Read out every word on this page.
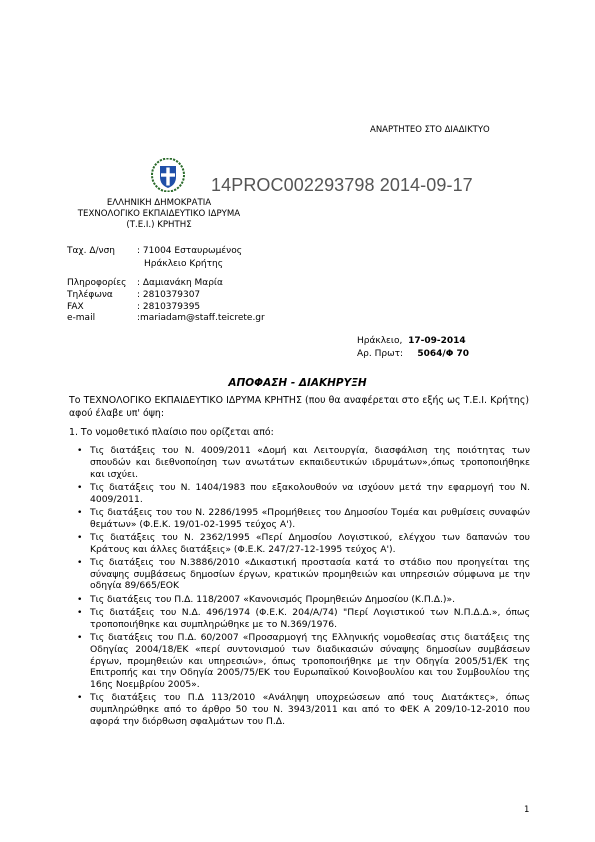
ΑΝΑΡΤΗΤΕΟ ΣΤΟ ΔΙΑΔΙΚΤΥΟ
14PROC002293798 2014-09-17
ΕΛΛΗΝΙΚΗ ΔΗΜΟΚΡΑΤΙΑ
ΤΕΧΝΟΛΟΓΙΚΟ ΕΚΠΑΙΔΕΥΤΙΚΟ ΙΔΡΥΜΑ
(Τ.Ε.Ι.) ΚΡΗΤΗΣ
Ταχ. Δ/νση : 71004 Εσταυρωμένος
Ηράκλειο Κρήτης
Πληροφορίες : Δαμιανάκη Μαρία
Τηλέφωνα	: 2810379307
FAX	: 2810379395
e-mail	:mariadam@staff.teicrete.gr
Ηράκλειο, 17-09-2014
Αρ. Πρωτ: 5064/Φ 70
ΑΠΟΦΑΣΗ - ΔΙΑΚΗΡΥΞΗ
Το ΤΕΧΝΟΛΟΓΙΚΟ ΕΚΠΑΙΔΕΥΤΙΚΟ ΙΔΡΥΜΑ ΚΡΗΤΗΣ (που θα αναφέρεται στο εξής ως Τ.Ε.Ι. Κρήτης) αφού έλαβε υπ' όψη:
1. Το νομοθετικό πλαίσιο που ορίζεται από:
• Τις διατάξεις του Ν. 4009/2011 «Δομή και Λειτουργία, διασφάλιση της ποιότητας των σπουδών και διεθνοποίηση των ανωτάτων εκπαιδευτικών ιδρυμάτων»,όπως τροποποιήθηκε και ισχύει.
• Τις διατάξεις του Ν. 1404/1983 που εξακολουθούν να ισχύουν μετά την εφαρμογή του Ν. 4009/2011.
• Τις διατάξεις του του Ν. 2286/1995 «Προμήθειες του Δημοσίου Τομέα και ρυθμίσεις συναφών θεμάτων» (Φ.Ε.Κ. 19/01-02-1995 τεύχος Α').
• Τις διατάξεις του Ν. 2362/1995 «Περί Δημοσίου Λογιστικού, ελέγχου των δαπανών του Κράτους και άλλες διατάξεις» (Φ.Ε.Κ. 247/27-12-1995 τεύχος Α').
• Τις διατάξεις του Ν.3886/2010 «Δικαστική προστασία κατά το στάδιο που προηγείται της σύναψης συμβάσεως δημοσίων έργων, κρατικών προμηθειών και υπηρεσιών σύμφωνα με την οδηγία 89/665/ΕΟΚ
• Τις διατάξεις του Π.Δ. 118/2007 «Κανονισμός Προμηθειών Δημοσίου (Κ.Π.Δ.)».
• Τις διατάξεις του Ν.Δ. 496/1974 (Φ.Ε.Κ. 204/Α/74) "Περί Λογιστικού των Ν.Π.Δ.Δ.», όπως τροποποιήθηκε και συμπληρώθηκε με το Ν.369/1976.
• Τις διατάξεις του Π.Δ. 60/2007 «Προσαρμογή της Ελληνικής νομοθεσίας στις διατάξεις της Οδηγίας 2004/18/ΕΚ «περί συντονισμού των διαδικασιών σύναψης δημοσίων συμβάσεων έργων, προμηθειών και υπηρεσιών», όπως τροποποιήθηκε με την Οδηγία 2005/51/ΕΚ της Επιτροπής και την Οδηγία 2005/75/ΕΚ του Ευρωπαϊκού Κοινοβουλίου και του Συμβουλίου της 16ης Νοεμβρίου 2005».
• Τις διατάξεις του Π.Δ 113/2010 «Ανάληψη υποχρεώσεων από τους Διατάκτες», όπως συμπληρώθηκε από το άρθρο 50 του Ν. 3943/2011 και από το ΦΕΚ Α 209/10-12-2010 που αφορά την διόρθωση σφαλμάτων του Π.Δ.
1
